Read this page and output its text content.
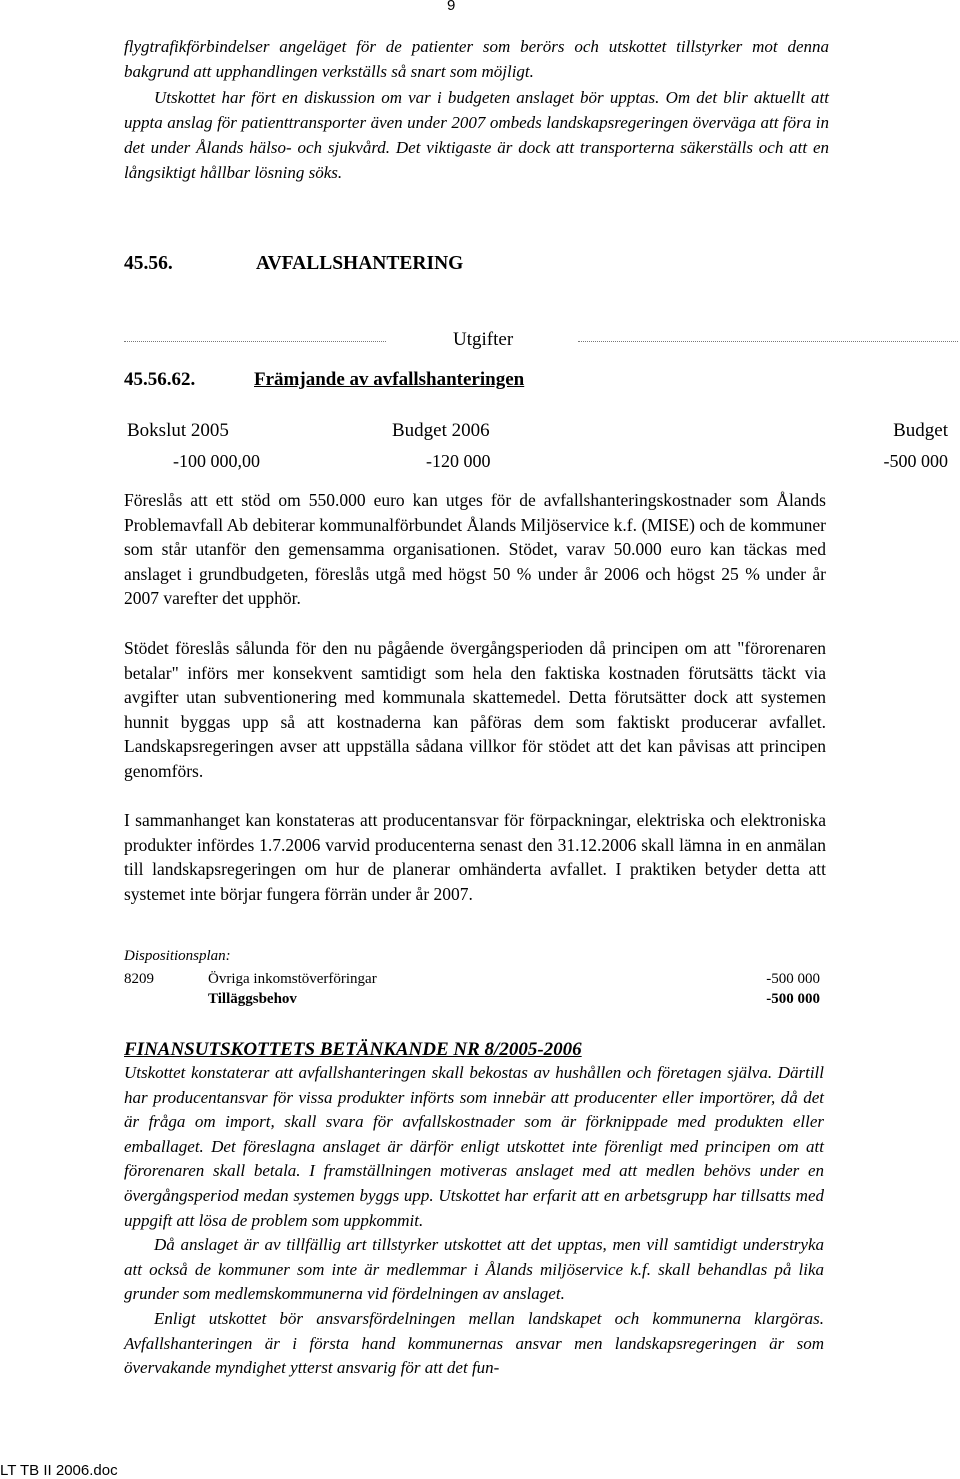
9

flygtrafikförbindelser angeläget för de patienter som berörs och utskottet tillstyrker mot denna bakgrund att upphandlingen verkställs så snart som möjligt.

Utskottet har fört en diskussion om var i budgeten anslaget bör upptas. Om det blir aktuellt att uppta anslag för patienttransporter även under 2007 ombeds landskapsregeringen överväga att föra in det under Ålands hälso- och sjukvård. Det viktigaste är dock att transporterna säkerställs och att en långsiktigt hållbar lösning söks.

45.56.	AVFALLSHANTERING
Utgifter
45.56.62.	Främjande av avfallshanteringen
Bokslut 2005	Budget 2006	Budget
-100 000,00	-120 000	-500 000
Föreslås att ett stöd om 550.000 euro kan utges för de avfallshanteringskostnader som Ålands Problemavfall Ab debiterar kommunalförbundet Ålands Miljöservice k.f. (MISE) och de kommuner som står utanför den gemensamma organisationen. Stödet, varav 50.000 euro kan täckas med anslaget i grundbudgeten, föreslås utgå med högst 50 % under år 2006 och högst 25 % under år 2007 varefter det upphör.
Stödet föreslås sålunda för den nu pågående övergångsperioden då principen om att "förorenaren betalar" införs mer konsekvent samtidigt som hela den faktiska kostnaden förutsätts täckt via avgifter utan subventionering med kommunala skattemedel. Detta förutsätter dock att systemen hunnit byggas upp så att kostnaderna kan påföras dem som faktiskt producerar avfallet. Landskapsregeringen avser att uppställa sådana villkor för stödet att det kan påvisas att principen genomförs.
I sammanhanget kan konstateras att producentansvar för förpackningar, elektriska och elektroniska produkter infördes 1.7.2006 varvid producenterna senast den 31.12.2006 skall lämna in en anmälan till landskapsregeringen om hur de planerar omhänderta avfallet. I praktiken betyder detta att systemet inte börjar fungera förrän under år 2007.
Dispositionsplan:
8209	Övriga inkomstöverföringar	-500 000
Tilläggsbehov	-500 000
FINANSUTSKOTTETS BETÄNKANDE NR 8/2005-2006

Utskottet konstaterar att avfallshanteringen skall bekostas av hushållen och företagen själva. Därtill har producentansvar för vissa produkter införts som innebär att producenter eller importörer, då det är fråga om import, skall svara för avfallskostnader som är förknippade med produkten eller emballaget. Det föreslagna anslaget är därför enligt utskottet inte förenligt med principen om att förorenaren skall betala. I framställningen motiveras anslaget med att medlen behövs under en övergångsperiod medan systemen byggs upp. Utskottet har erfarit att en arbetsgrupp har tillsatts med uppgift att lösa de problem som uppkommit.

Då anslaget är av tillfällig art tillstyrker utskottet att det upptas, men vill samtidigt understryka att också de kommuner som inte är medlemmar i Ålands miljöservice k.f. skall behandlas på lika grunder som medlemskommunerna vid fördelningen av anslaget.

Enligt utskottet bör ansvarsfördelningen mellan landskapet och kommunerna klargöras. Avfallshanteringen är i första hand kommunernas ansvar men landskapsregeringen är som övervakande myndighet ytterst ansvarig för att det fun-

LT TB II 2006.doc
